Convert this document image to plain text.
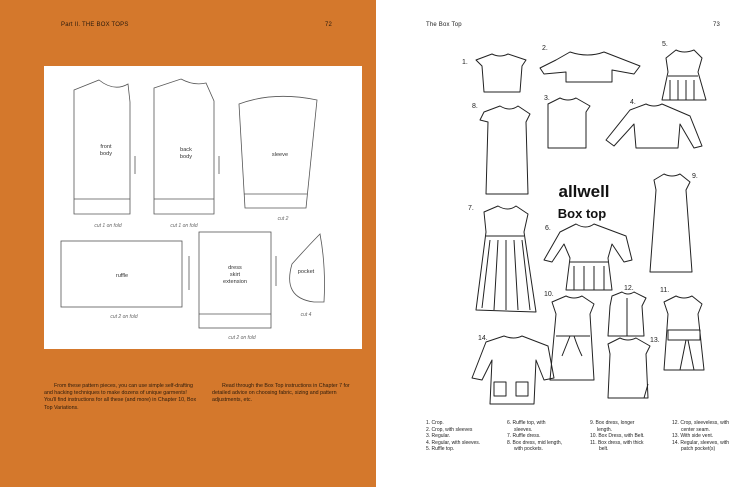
Part II. THE BOX TOPS	72
front body
back body	sleeve
ruffle
dress skirt extension
pocket
cut 1 on fold	cut 1 on fold
cut 2
cut 2 on fold
cut 2 on fold
cut 4
From these pattern pieces, you can use simple self-drafting and hacking techniques to make dozens of unique garments! You'll find instructions for all these (and more) in Chapter 10, Box Top Variations.
Read through the Box Top instructions in Chapter 7 for detailed advice on choosing fabric, sizing and pattern adjustments, etc.
The Box Top	73
1.
2.
3.
4.
5.
6.
7.
8.
9.
10.
11.
12.
13.
14.
allwell
Box top
1. Crop.
2. Crop, with sleeves
3. Regular.
4. Regular, with sleeves.
5. Ruffle top.
6. Ruffle top, with
sleeves.
7. Ruffle dress.
8. Box dress, mid length,
with pockets.
9. Box dress, longer
length.
10. Box Dress, with Belt.
11. Box dress, with thick
belt.
12. Crop, sleeveless, with
center seam.
13. With side vent.
14. Regular, sleeves, with
patch pocket(s)
